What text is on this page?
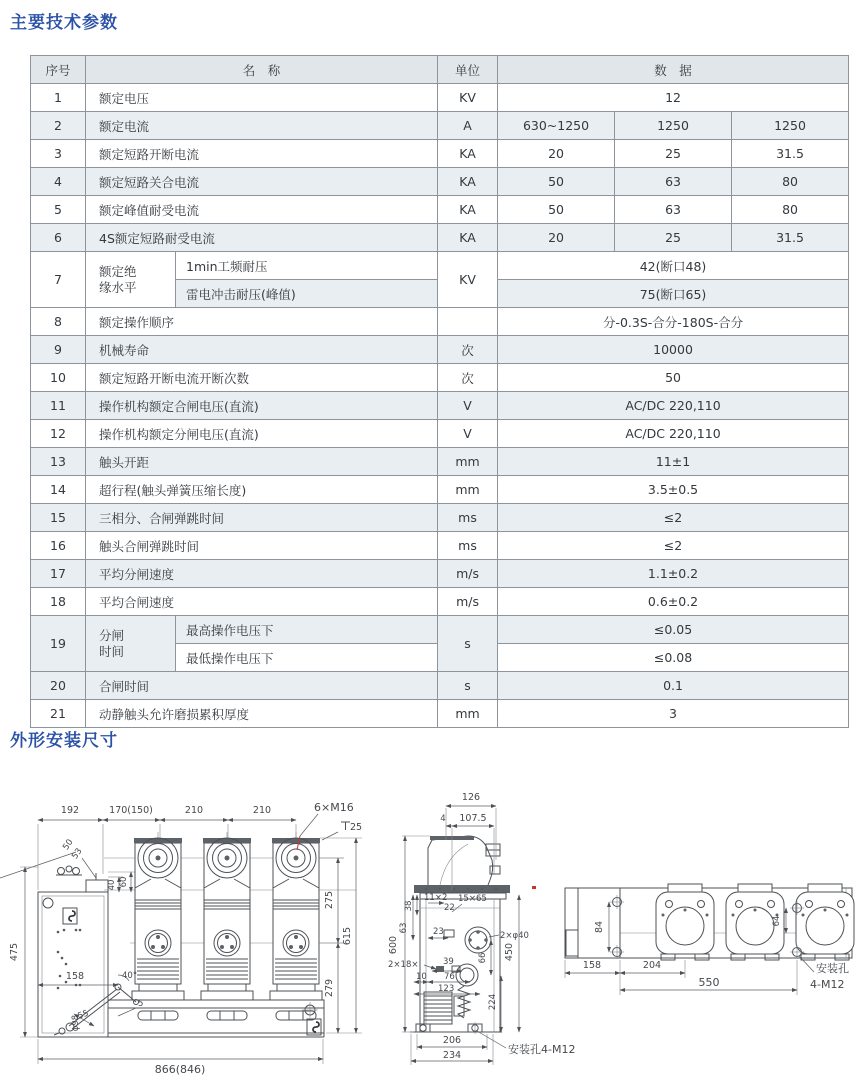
主要技术参数
序号	名　称		单位	数　据		
1	额定电压		KV	12		
2	额定电流		A	630~1250	1250	1250
3	额定短路开断电流		KA	20	25	31.5
4	额定短路关合电流		KA	50	63	80
5	额定峰值耐受电流		KA	50	63	80
6	4S额定短路耐受电流		KA	20	25	31.5
7	额定绝缘水平	1min工频耐压	KV	42(断口48)		
		雷电冲击耐压(峰值)		75(断口65)		
8	额定操作顺序			分-0.3S-合分-180S-合分		
9	机械寿命		次	10000		
10	额定短路开断电流开断次数		次	50		
11	操作机构额定合闸电压(直流)		V	AC/DC 220,110		
12	操作机构额定分闸电压(直流)		V	AC/DC 220,110		
13	触头开距		mm	11±1		
14	超行程(触头弹簧压缩长度)		mm	3.5±0.5		
15	三相分、合闸弹跳时间		ms	≤2		
16	触头合闸弹跳时间		ms	≤2		
17	平均分闸速度		m/s	1.1±0.2		
18	平均合闸速度		m/s	0.6±0.2		
19	分闸时间	最高操作电压下	s	≤0.05		
		最低操作电压下		≤0.08		
20	合闸时间		s	0.1		
21	动静触头允许磨损累积厚度		mm	3		
外形安装尺寸
50
53
40 60
40°
55
5
φ98
158
192	170(150)	210	210	6×M16
25
275
279
615
475
866(846)
126
4 107.5
600
38
63
11×2
22
15×65
23	2×φ40
66 450
224
2×18×	39
10 76
123
206
234	安装孔4-M12
84	64
158	204
550
安装孔
4-M12
